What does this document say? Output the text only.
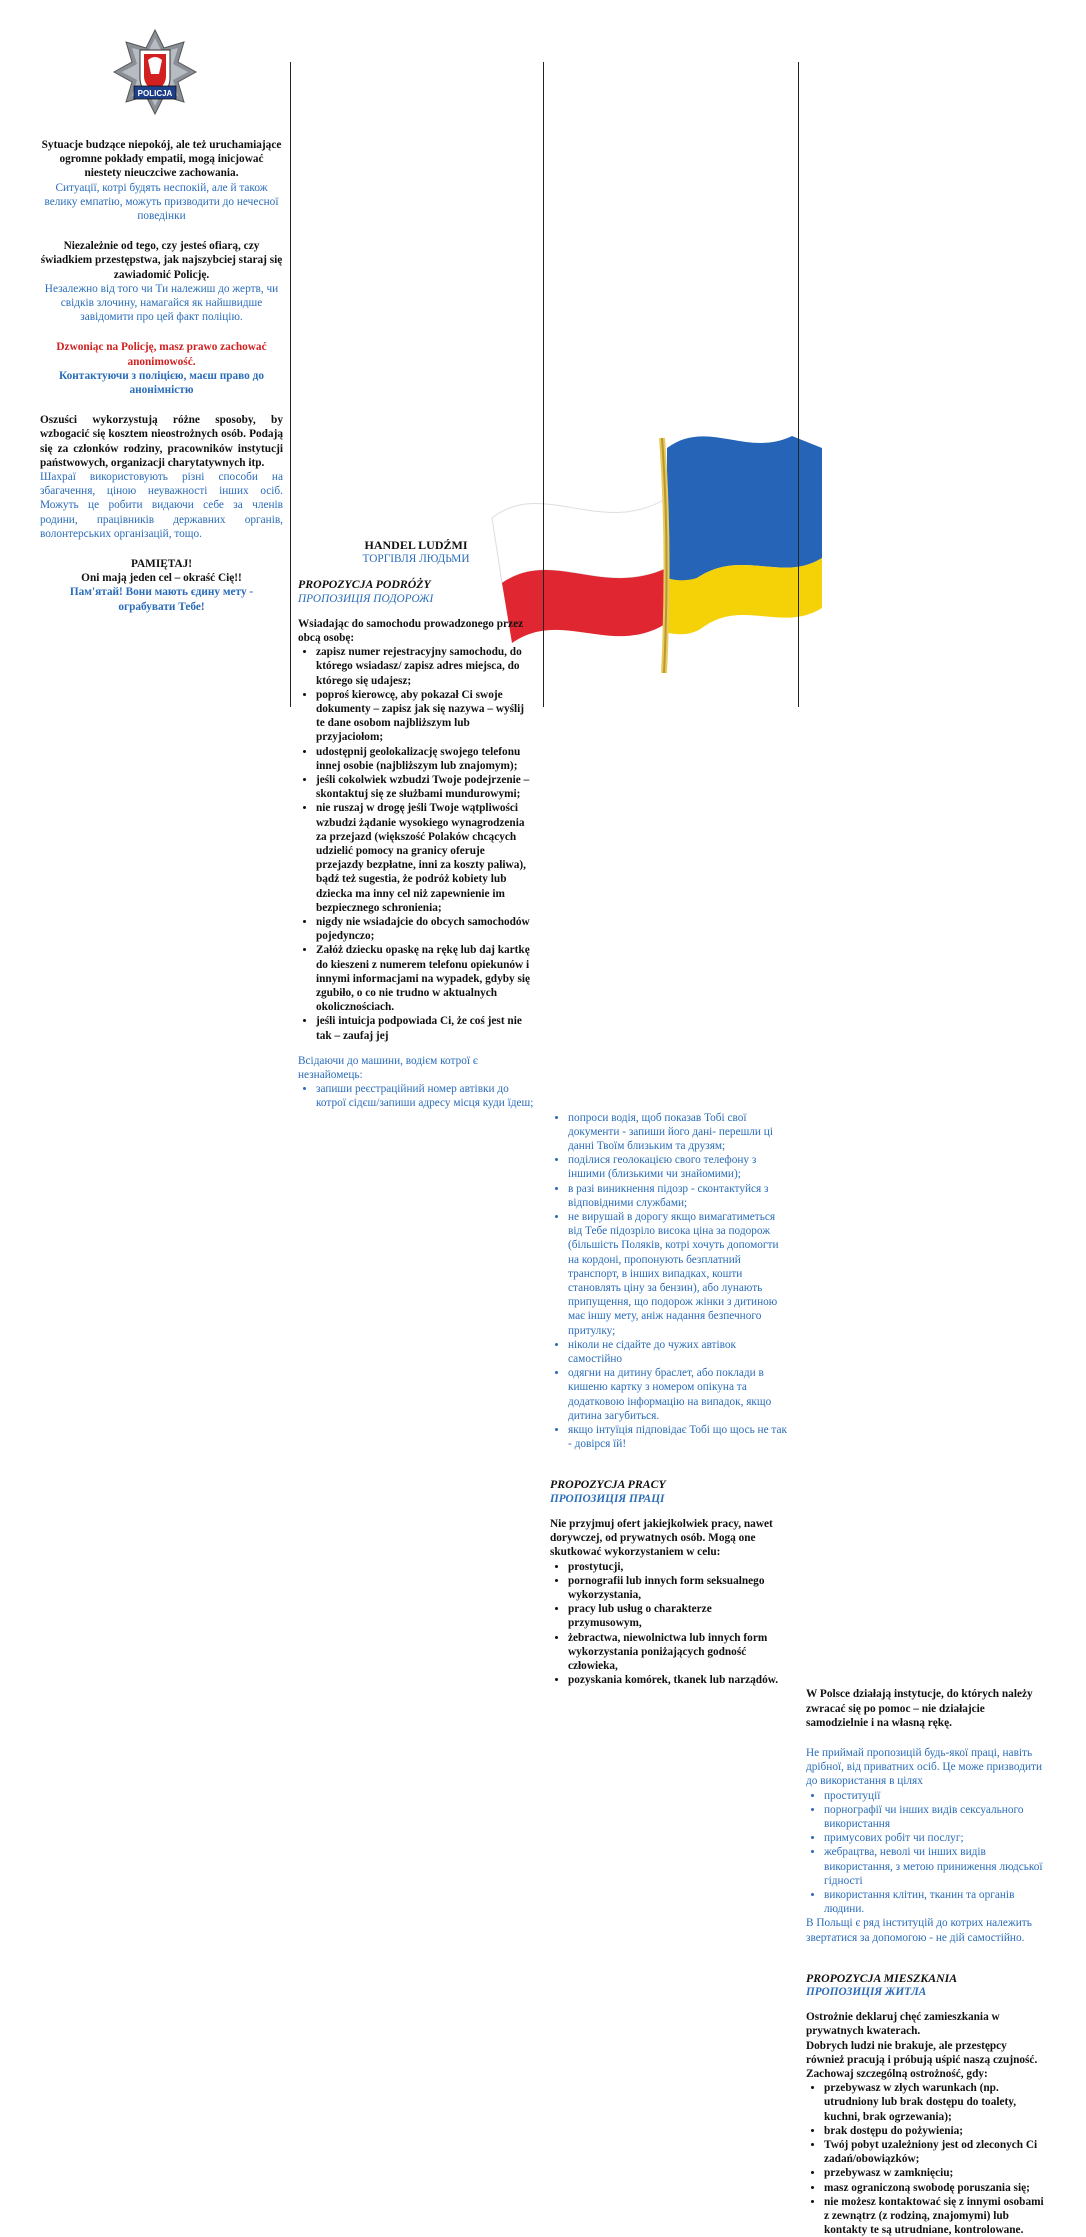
POLICJA

Sytuacje budzące niepokój, ale też uruchamiające ogromne pokłady empatii, mogą inicjować niestety nieuczciwe zachowania.

Ситуації, котрі будять неспокій, але й також велику емпатію, можуть призводити до нечесної поведінки

Niezależnie od tego, czy jesteś ofiarą, czy świadkiem przestępstwa, jak najszybciej staraj się zawiadomić Policję.

Незалежно від того чи Ти належиш до жертв, чи свідків злочину, намагайся як найшвидше завідомити про цей факт поліцію.

Dzwoniąc na Policję, masz prawo zachować anonimowość.

Контактуючи з поліцією, маєш право до анонімністю

Oszuści wykorzystują różne sposoby, by wzbogacić się kosztem nieostrożnych osób. Podają się za członków rodziny, pracowników instytucji państwowych, organizacji charytatywnych itp.

Шахраї використовують різні способи на збагачення, ціною неуважності інших осіб. Можуть це робити видаючи себе за членів родини, працівників державних органів, волонтерських організацій, тощо.

PAMIĘTAJ!

Oni mają jeden cel – okraść Cię!!

Пам'ятай! Вони мають єдину мету - ограбувати Тебе!

HANDEL LUDŹMI

ТОРГІВЛЯ ЛЮДЬМИ

PROPOZYCJA PODRÓŻY

ПРОПОЗИЦІЯ ПОДОРОЖІ

Wsiadając do samochodu prowadzonego przez obcą osobę:

• zapisz numer rejestracyjny samochodu, do którego wsiadasz/ zapisz adres miejsca, do którego się udajesz;
• poproś kierowcę, aby pokazał Ci swoje dokumenty – zapisz jak się nazywa – wyślij te dane osobom najbliższym lub przyjaciołom;
• udostępnij geolokalizację swojego telefonu innej osobie (najbliższym lub znajomym);
• jeśli cokolwiek wzbudzi Twoje podejrzenie – skontaktuj się ze służbami mundurowymi;
• nie ruszaj w drogę jeśli Twoje wątpliwości wzbudzi żądanie wysokiego wynagrodzenia za przejazd (większość Polaków chcących udzielić pomocy na granicy oferuje przejazdy bezpłatne, inni za koszty paliwa), bądź też sugestia, że podróż kobiety lub dziecka ma inny cel niż zapewnienie im bezpiecznego schronienia;
• nigdy nie wsiadajcie do obcych samochodów pojedynczo;
• Załóż dziecku opaskę na rękę lub daj kartkę do kieszeni z numerem telefonu opiekunów i innymi informacjami na wypadek, gdyby się zgubiło, o co nie trudno w aktualnych okolicznościach.
• jeśli intuicja podpowiada Ci, że coś jest nie tak – zaufaj jej

Вcідаючи до машини, водієм котрої є незнайомець:

• запиши реєстраційний номер автівки до котрої сідєш/запиши адресу місця куди їдеш;
• попроси водія, щоб показав Тобі свої документи - запиши його дані- перешли ці данні Твоїм близьким та друзям;
• поділися геолокацією свого телефону з іншими (близькими чи знайомими);
• в разі виникнення підозр - сконтактуйся з відповідними службами;
• не вирушай в дорогу якщо вимагатиметься від Тебе підозріло висока ціна за подорож (більшість Поляків, котрі хочуть допомогти на кордоні, пропонують безплатний транспорт, в інших випадках, кошти становлять ціну за бензин), або лунають припущення, що подорож жінки з дитиною має іншу мету, аніж надання безпечного притулку;
• ніколи не сідайте до чужих автівок самостійно
• одягни на дитину браслет, або поклади в кишеню картку з номером опікуна та додатковою інформацію на випадок, якщо дитина загубиться.
• якщо інтуїція підповідає Тобі що щось не так - довірся їй!

PROPOZYCJA PRACY

ПРОПОЗИЦІЯ ПРАЦІ

Nie przyjmuj ofert jakiejkolwiek pracy, nawet dorywczej, od prywatnych osób. Mogą one skutkować wykorzystaniem w celu:

• prostytucji,
• pornografii lub innych form seksualnego wykorzystania,
• pracy lub usług o charakterze przymusowym,
• żebractwa, niewolnictwa lub innych form wykorzystania poniżających godność człowieka,
• pozyskania komórek, tkanek lub narządów.

W Polsce działają instytucje, do których należy zwracać się po pomoc – nie działajcie samodzielnie i na własną rękę.

Не приймай пропозицій будь-якої праці, навіть дрібної, від приватних осіб. Це може призводити до використання в цілях

• проституції
• порнографії чи інших видів сексуального використання
• примусових робіт чи послуг;
• жебрацтва, неволі чи інших видів використання, з метою приниження людської гідності
• використання клітин, тканин та органів людини.

В Польщі є ряд інституцій до котрих належить звертатися за допомогою - не дій самостійно.

PROPOZYCJA MIESZKANIA

ПРОПОЗИЦІЯ ЖИТЛА

Ostrożnie deklaruj chęć zamieszkania w prywatnych kwaterach.

Dobrych ludzi nie brakuje, ale przestępcy również pracują i próbują uśpić naszą czujność.

Zachowaj szczególną ostrożność, gdy:

• przebywasz w złych warunkach (np. utrudniony lub brak dostępu do toalety, kuchni, brak ogrzewania);
• brak dostępu do pożywienia;
• Twój pobyt uzależniony jest od zleconych Ci zadań/obowiązków;
• przebywasz w zamknięciu;
• masz ograniczoną swobodę poruszania się;
• nie możesz kontaktować się z innymi osobami z zewnątrz (z rodziną, znajomymi) lub kontakty te są utrudniane, kontrolowane.
